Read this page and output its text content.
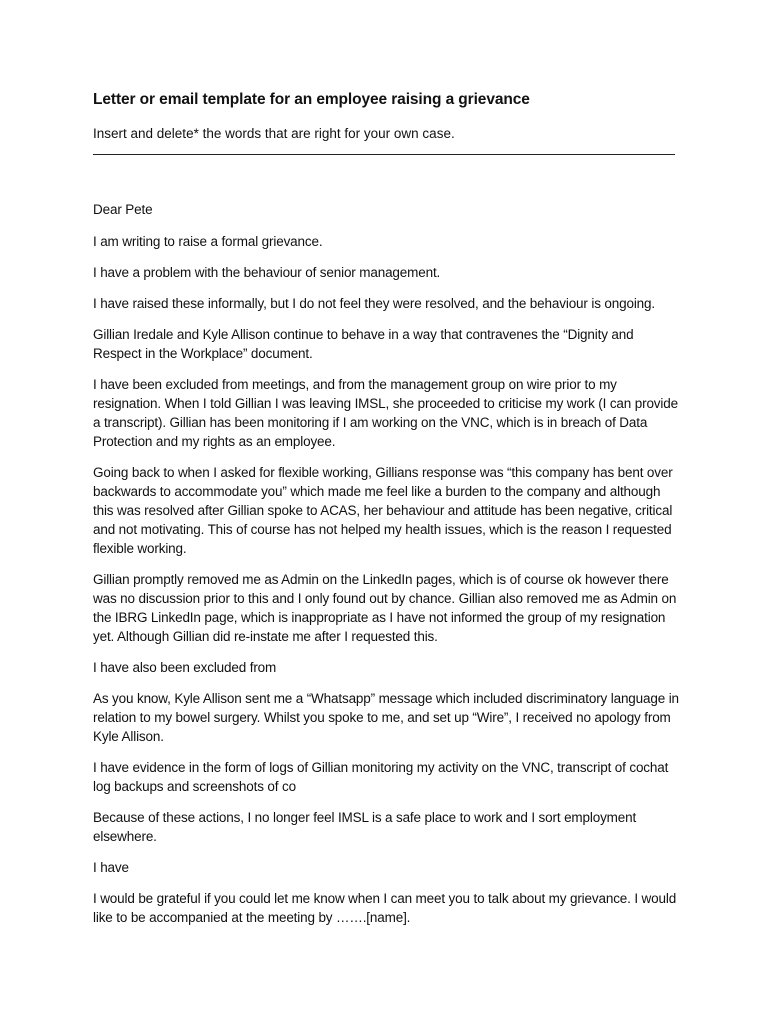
Letter or email template for an employee raising a grievance

Insert and delete* the words that are right for your own case.

Dear Pete

I am writing to raise a formal grievance.

I have a problem with the behaviour of senior management.

I have raised these informally, but I do not feel they were resolved, and the behaviour is ongoing.

Gillian Iredale and Kyle Allison continue to behave in a way that contravenes the “Dignity and Respect in the Workplace” document.

I have been excluded from meetings, and from the management group on wire prior to my resignation. When I told Gillian I was leaving IMSL, she proceeded to criticise my work (I can provide a transcript). Gillian has been monitoring if I am working on the VNC, which is in breach of Data Protection and my rights as an employee.

Going back to when I asked for flexible working, Gillians response was “this company has bent over backwards to accommodate you” which made me feel like a burden to the company and although this was resolved after Gillian spoke to ACAS, her behaviour and attitude has been negative, critical and not motivating. This of course has not helped my health issues, which is the reason I requested flexible working.

Gillian promptly removed me as Admin on the LinkedIn pages, which is of course ok however there was no discussion prior to this and I only found out by chance. Gillian also removed me as Admin on the IBRG LinkedIn page, which is inappropriate as I have not informed the group of my resignation yet. Although Gillian did re-instate me after I requested this.

I have also been excluded from

As you know, Kyle Allison sent me a “Whatsapp” message which included discriminatory language in relation to my bowel surgery. Whilst you spoke to me, and set up “Wire”, I received no apology from Kyle Allison.

I have evidence in the form of logs of Gillian monitoring my activity on the VNC, transcript of cochat log backups and screenshots of co

Because of these actions, I no longer feel IMSL is a safe place to work and I sort employment elsewhere.

I have

I would be grateful if you could let me know when I can meet you to talk about my grievance. I would like to be accompanied at the meeting by …….[name].
